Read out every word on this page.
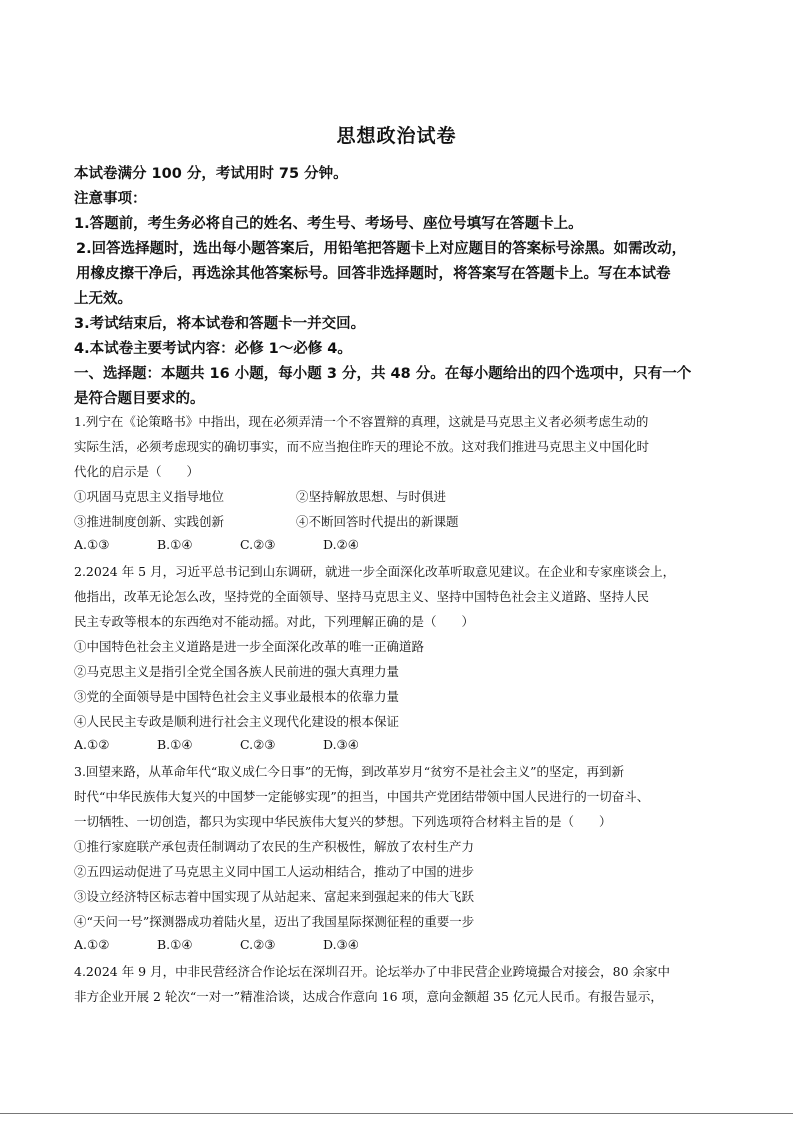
思想政治试卷
本试卷满分 100 分，考试用时 75 分钟。
注意事项：
1.答题前，考生务必将自己的姓名、考生号、考场号、座位号填写在答题卡上。
2.回答选择题时，选出每小题答案后，用铅笔把答题卡上对应题目的答案标号涂黑。如需改动，
用橡皮擦干净后，再选涂其他答案标号。回答非选择题时，将答案写在答题卡上。写在本试卷
上无效。
3.考试结束后，将本试卷和答题卡一并交回。
4.本试卷主要考试内容：必修 1～必修 4。
一、选择题：本题共 16 小题，每小题 3 分，共 48 分。在每小题给出的四个选项中，只有一个
是符合题目要求的。
1.列宁在《论策略书》中指出，现在必须弄清一个不容置辩的真理，这就是马克思主义者必须考虑生动的
实际生活，必须考虑现实的确切事实，而不应当抱住昨天的理论不放。这对我们推进马克思主义中国化时
代化的启示是（　　）
①巩固马克思主义指导地位	②坚持解放思想、与时俱进
③推进制度创新、实践创新	④不断回答时代提出的新课题
A.①③	B.①④	C.②③	D.②④
2.2024 年 5 月，习近平总书记到山东调研，就进一步全面深化改革听取意见建议。在企业和专家座谈会上，
他指出，改革无论怎么改，坚持党的全面领导、坚持马克思主义、坚持中国特色社会主义道路、坚持人民
民主专政等根本的东西绝对不能动摇。对此，下列理解正确的是（　　）
①中国特色社会主义道路是进一步全面深化改革的唯一正确道路
②马克思主义是指引全党全国各族人民前进的强大真理力量
③党的全面领导是中国特色社会主义事业最根本的依靠力量
④人民民主专政是顺利进行社会主义现代化建设的根本保证
A.①②	B.①④	C.②③	D.③④
3.回望来路，从革命年代“取义成仁今日事”的无悔，到改革岁月“贫穷不是社会主义”的坚定，再到新
时代“中华民族伟大复兴的中国梦一定能够实现”的担当，中国共产党团结带领中国人民进行的一切奋斗、
一切牺牲、一切创造，都只为实现中华民族伟大复兴的梦想。下列选项符合材料主旨的是（　　）
①推行家庭联产承包责任制调动了农民的生产积极性，解放了农村生产力
②五四运动促进了马克思主义同中国工人运动相结合，推动了中国的进步
③设立经济特区标志着中国实现了从站起来、富起来到强起来的伟大飞跃
④“天问一号”探测器成功着陆火星，迈出了我国星际探测征程的重要一步
A.①②	B.①④	C.②③	D.③④
4.2024 年 9 月，中非民营经济合作论坛在深圳召开。论坛举办了中非民营企业跨境撮合对接会，80 余家中
非方企业开展 2 轮次“一对一”精准洽谈，达成合作意向 16 项，意向金额超 35 亿元人民币。有报告显示，
